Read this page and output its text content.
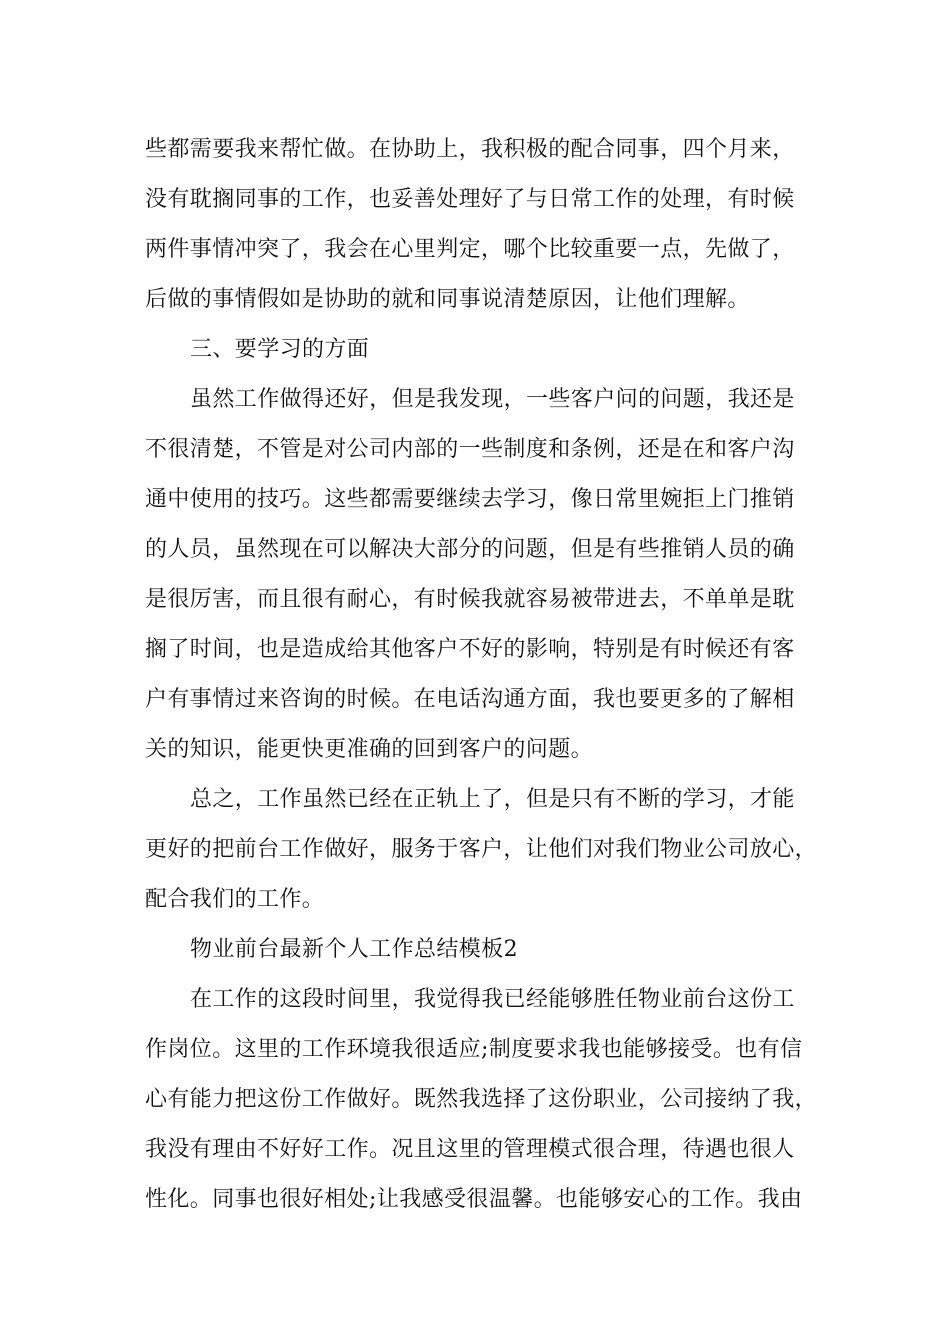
些都需要我来帮忙做。在协助上，我积极的配合同事，四个月来，
没有耽搁同事的工作，也妥善处理好了与日常工作的处理，有时候
两件事情冲突了，我会在心里判定，哪个比较重要一点，先做了，
后做的事情假如是协助的就和同事说清楚原因，让他们理解。
三、要学习的方面
虽然工作做得还好，但是我发现，一些客户问的问题，我还是
不很清楚，不管是对公司内部的一些制度和条例，还是在和客户沟
通中使用的技巧。这些都需要继续去学习，像日常里婉拒上门推销
的人员，虽然现在可以解决大部分的问题，但是有些推销人员的确
是很厉害，而且很有耐心，有时候我就容易被带进去，不单单是耽
搁了时间，也是造成给其他客户不好的影响，特别是有时候还有客
户有事情过来咨询的时候。在电话沟通方面，我也要更多的了解相
关的知识，能更快更准确的回到客户的问题。
总之，工作虽然已经在正轨上了，但是只有不断的学习，才能
更好的把前台工作做好，服务于客户，让他们对我们物业公司放心，
配合我们的工作。
物业前台最新个人工作总结模板2
在工作的这段时间里，我觉得我已经能够胜任物业前台这份工
作岗位。这里的工作环境我很适应;制度要求我也能够接受。也有信
心有能力把这份工作做好。既然我选择了这份职业，公司接纳了我，
我没有理由不好好工作。况且这里的管理模式很合理，待遇也很人
性化。同事也很好相处;让我感受很温馨。也能够安心的工作。我由
